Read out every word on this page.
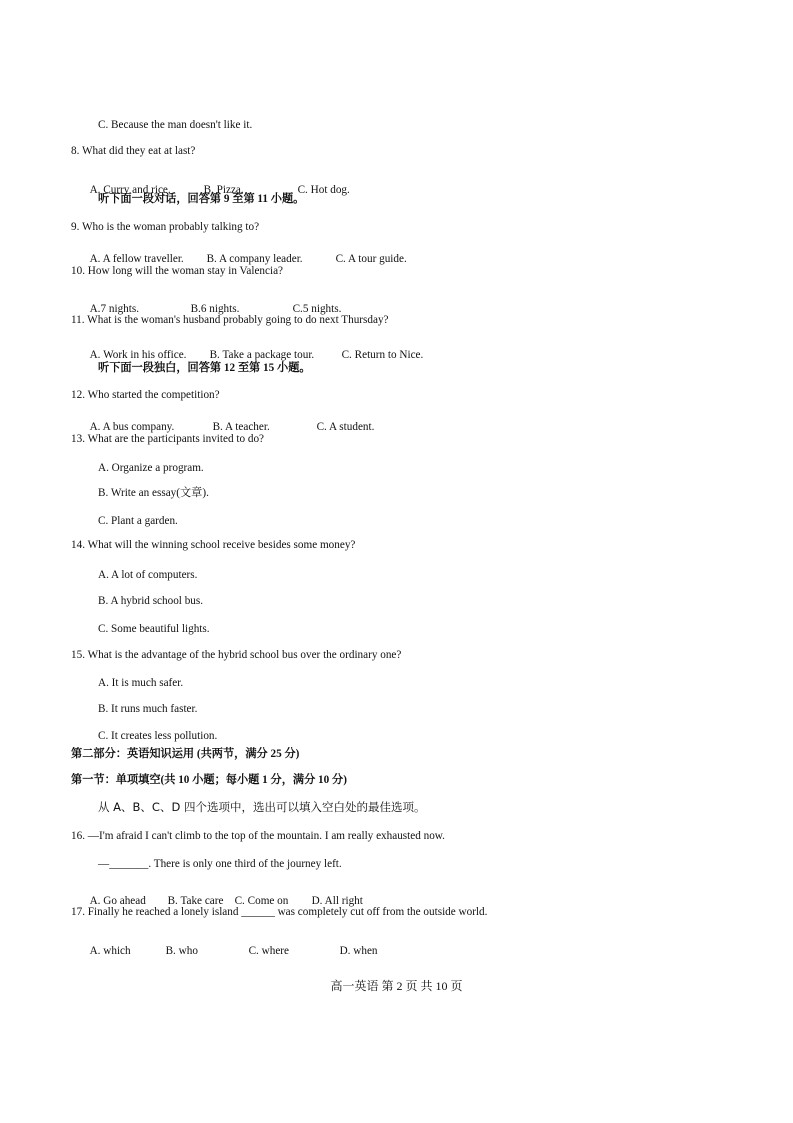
C. Because the man doesn't like it.
8. What did they eat at last?

A. Curry and rice.	B. Pizza.	C. Hot dog.

听下面一段对话，回答第 9 至第 11 小题。
9. Who is the woman probably talking to?

A. A fellow traveller. B. A company leader.	C. A tour guide.

10. How long will the woman stay in Valencia?

A.7 nights.	B.6 nights.	C.5 nights.

11. What is the woman's husband probably going to do next Thursday?

A. Work in his office. B. Take a package tour. C. Return to Nice.

听下面一段独白，回答第 12 至第 15 小题。
12. Who started the competition?

A. A bus company.	B. A teacher.	C. A student.

13. What are the participants invited to do?
A. Organize a program.
B. Write an essay(文章).
C. Plant a garden.
14. What will the winning school receive besides some money?
A. A lot of computers.
B. A hybrid school bus.
C. Some beautiful lights.
15. What is the advantage of the hybrid school bus over the ordinary one?
A. It is much safer.
B. It runs much faster.
C. It creates less pollution.
第二部分：英语知识运用 (共两节，满分 25 分)
第一节：单项填空(共 10 小题；每小题 1 分，满分 10 分)
从 A、B、C、D 四个选项中，选出可以填入空白处的最佳选项。
16. —I'm afraid I can't climb to the top of the mountain. I am really exhausted now.
—_______. There is only one third of the journey left.

A. Go ahead B. Take care C. Come on D. All right

17. Finally he reached a lonely island ______ was completely cut off from the outside world.

A. which	B. who	C. where	D. when

高一英语 第 2 页 共 10 页
